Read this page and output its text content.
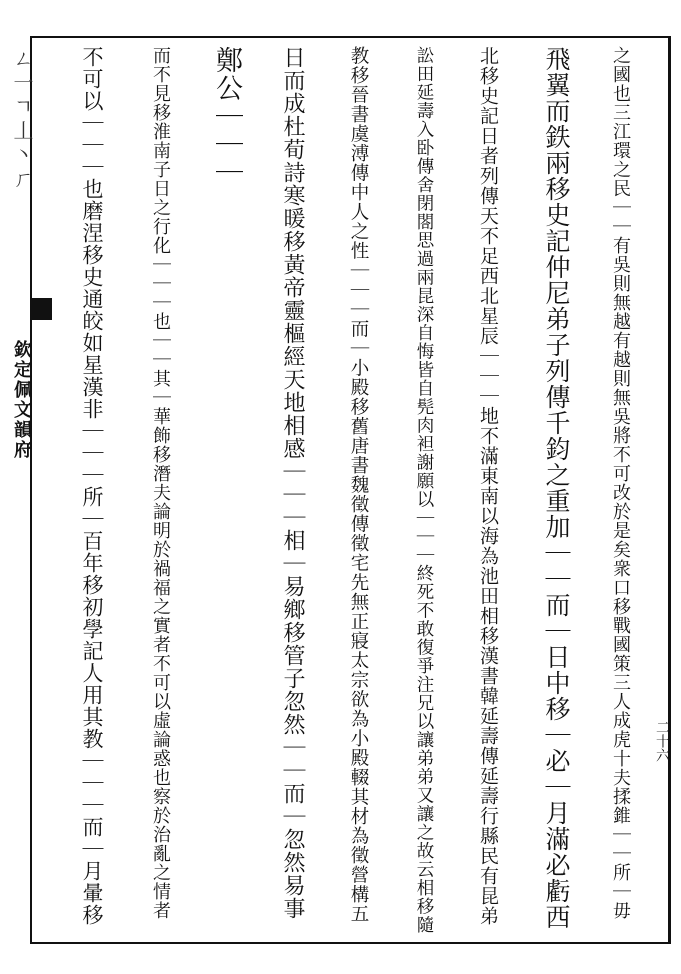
ㄥ一ㄱ丄丶ㄏ
欽定佩文韻府
二十六
之國也三江環之民｜｜有吳則無越有越則無吳將不可改於是矣衆口移戰國策三人成虎十夫揉錐｜｜所｜毋
飛翼而鉄兩移史記仲尼弟子列傳千鈞之重加｜｜而｜日中移｜必｜月滿必虧西
北移史記日者列傳天不足西北星辰｜｜｜地不滿東南以海為池田相移漢書韓延壽傳延壽行縣民有昆弟
訟田延壽入卧傳舍閉閤思過兩昆深自悔皆自髡肉袒謝願以｜｜｜終死不敢復爭注兄以讓弟弟又讓之故云相移隨
教移晉書虞溥傳中人之性｜｜｜而｜小殿移舊唐書魏徵傳徵宅先無正寢太宗欲為小殿輟其材為徵營構五
日而成杜荀詩寒暖移黃帝靈樞經天地相感｜｜｜相｜易鄉移管子忽然｜｜而｜忽然易事
鄭公｜｜｜
而不見移淮南子日之行化｜｜｜也｜｜其｜華飾移潛夫論明於禍福之實者不可以虛論惑也察於治亂之情者
不可以｜｜｜也磨涅移史通皎如星漢非｜｜｜所｜百年移初學記人用其教｜｜｜而｜月暈移
